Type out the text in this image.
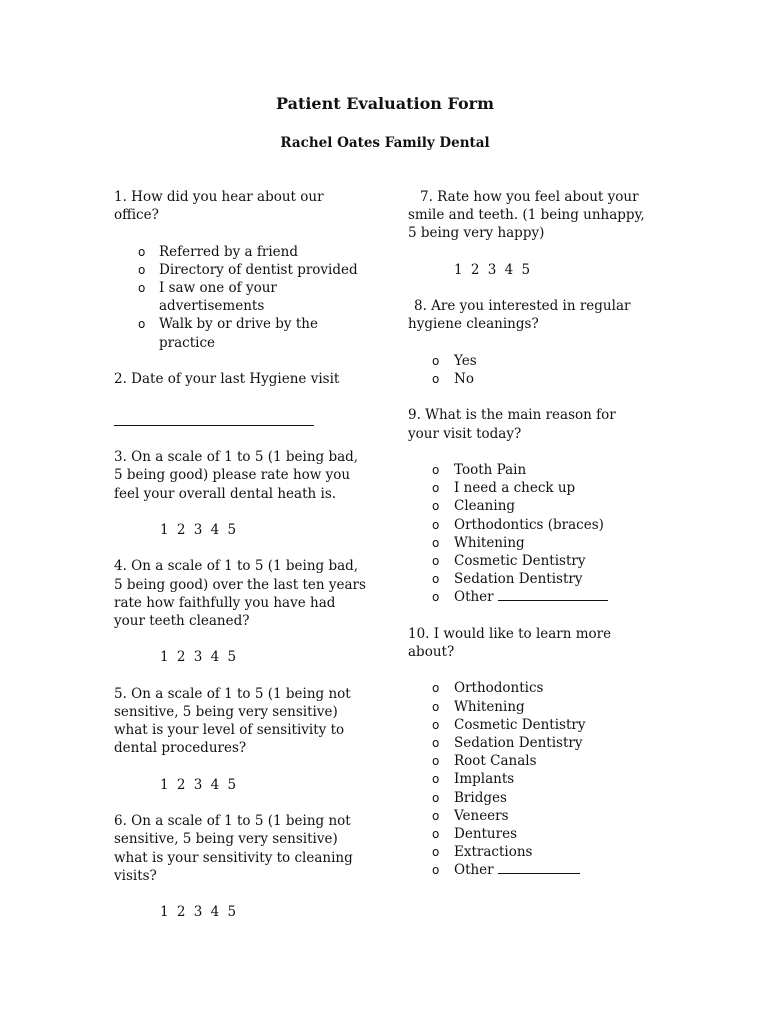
Patient Evaluation Form
Rachel Oates Family Dental

1. How did you hear about our office?

o Referred by a friend
o Directory of dentist provided
o I saw one of your advertisements
o Walk by or drive by the practice

2. Date of your last Hygiene visit

3. On a scale of 1 to 5 (1 being bad, 5 being good) please rate how you feel your overall dental heath is.

1 2 3 4 5

4. On a scale of 1 to 5 (1 being bad, 5 being good) over the last ten years rate how faithfully you have had your teeth cleaned?

1 2 3 4 5

5. On a scale of 1 to 5 (1 being not sensitive, 5 being very sensitive) what is your level of sensitivity to dental procedures?

1 2 3 4 5

6. On a scale of 1 to 5 (1 being not sensitive, 5 being very sensitive) what is your sensitivity to cleaning visits?

1 2 3 4 5

7. Rate how you feel about your smile and teeth. (1 being unhappy, 5 being very happy)

1 2 3 4 5

8. Are you interested in regular hygiene cleanings?

o Yes
o No

9. What is the main reason for your visit today?

o Tooth Pain
o I need a check up
o Cleaning
o Orthodontics (braces)
o Whitening
o Cosmetic Dentistry
o Sedation Dentistry
o Other

10. I would like to learn more about?

o Orthodontics
o Whitening
o Cosmetic Dentistry
o Sedation Dentistry
o Root Canals
o Implants
o Bridges
o Veneers
o Dentures
o Extractions
o Other
